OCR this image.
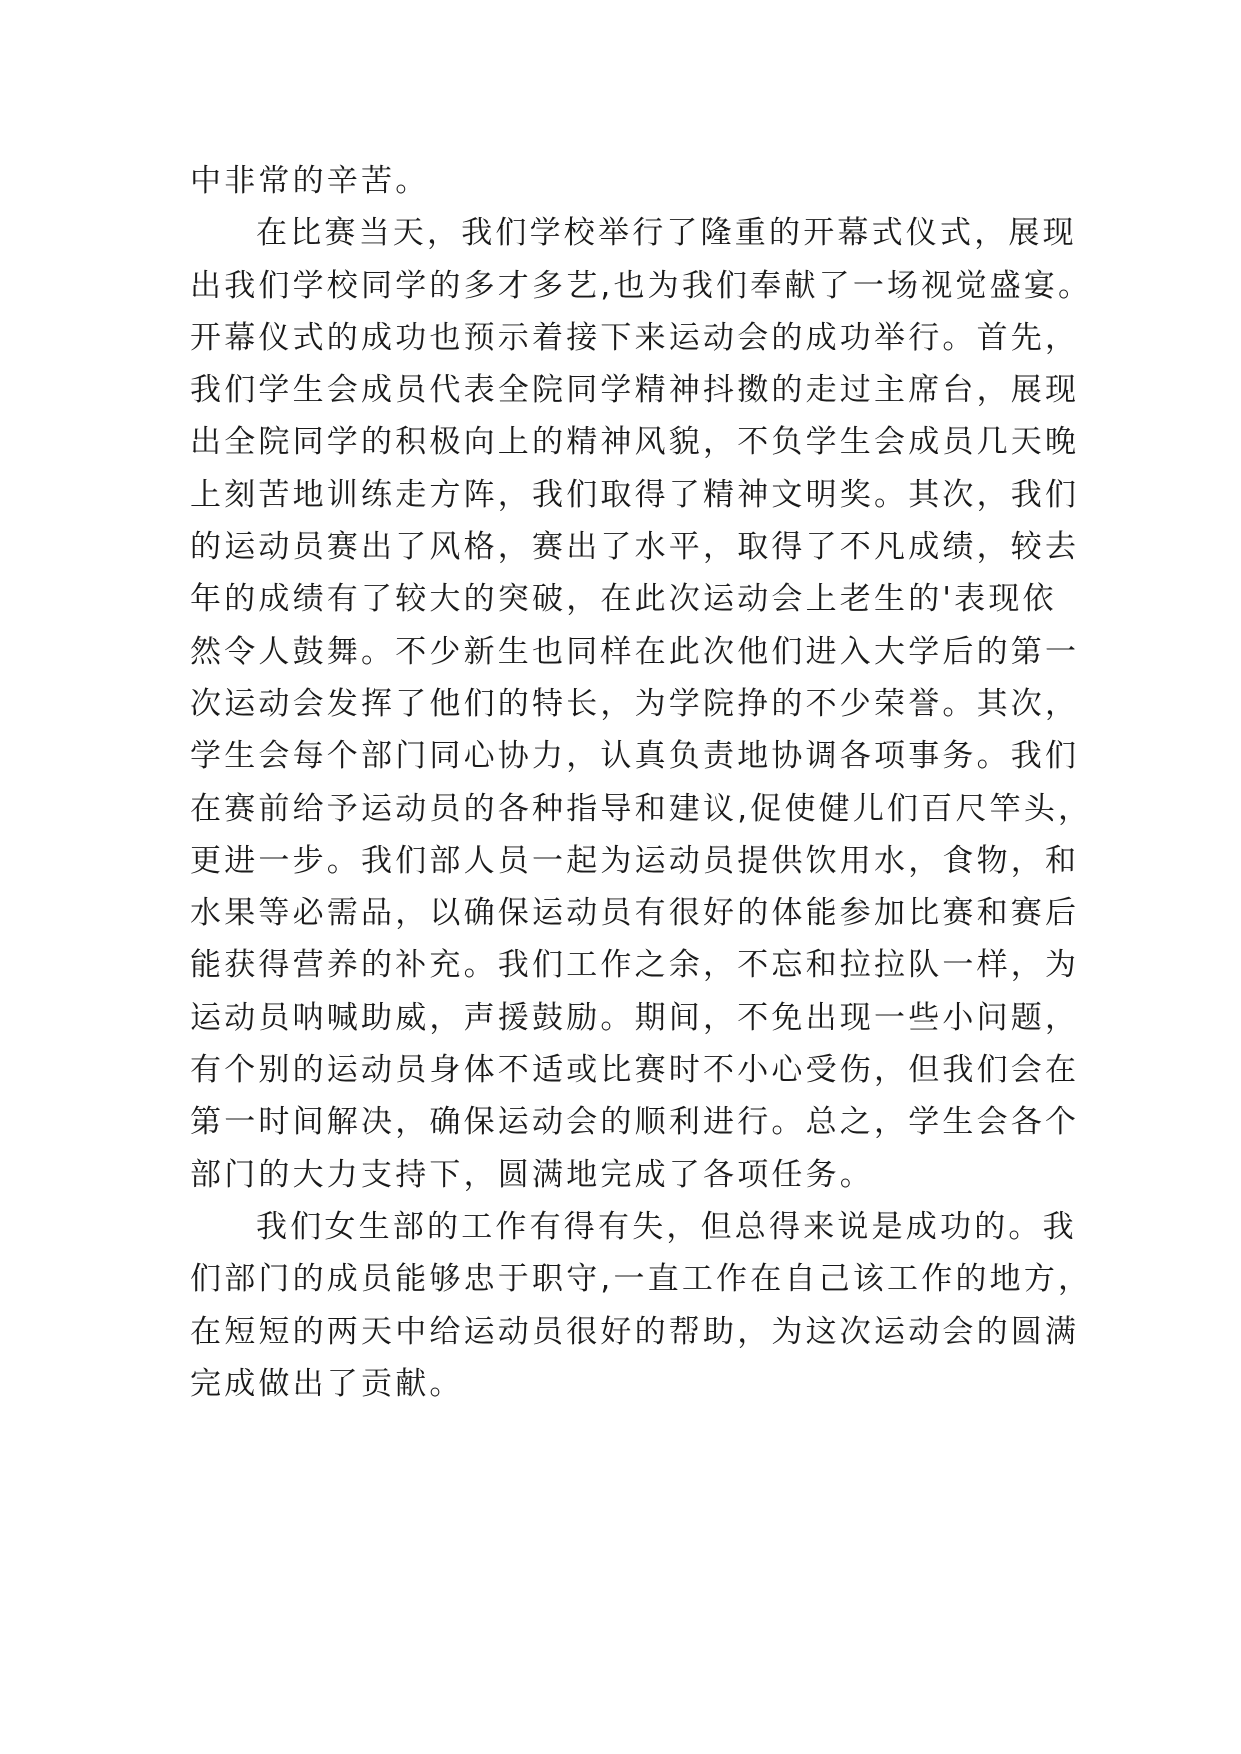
中非常的辛苦。
在比赛当天，我们学校举行了隆重的开幕式仪式，展现
出我们学校同学的多才多艺,也为我们奉献了一场视觉盛宴。
开幕仪式的成功也预示着接下来运动会的成功举行。首先，
我们学生会成员代表全院同学精神抖擞的走过主席台，展现
出全院同学的积极向上的精神风貌，不负学生会成员几天晚
上刻苦地训练走方阵，我们取得了精神文明奖。其次，我们
的运动员赛出了风格，赛出了水平，取得了不凡成绩，较去
年的成绩有了较大的突破，在此次运动会上老生的'表现依
然令人鼓舞。不少新生也同样在此次他们进入大学后的第一
次运动会发挥了他们的特长，为学院挣的不少荣誉。其次，
学生会每个部门同心协力，认真负责地协调各项事务。我们
在赛前给予运动员的各种指导和建议,促使健儿们百尺竿头，
更进一步。我们部人员一起为运动员提供饮用水，食物，和
水果等必需品，以确保运动员有很好的体能参加比赛和赛后
能获得营养的补充。我们工作之余，不忘和拉拉队一样，为
运动员呐喊助威，声援鼓励。期间，不免出现一些小问题，
有个别的运动员身体不适或比赛时不小心受伤，但我们会在
第一时间解决，确保运动会的顺利进行。总之，学生会各个
部门的大力支持下，圆满地完成了各项任务。
我们女生部的工作有得有失，但总得来说是成功的。我
们部门的成员能够忠于职守,一直工作在自己该工作的地方，
在短短的两天中给运动员很好的帮助，为这次运动会的圆满
完成做出了贡献。
